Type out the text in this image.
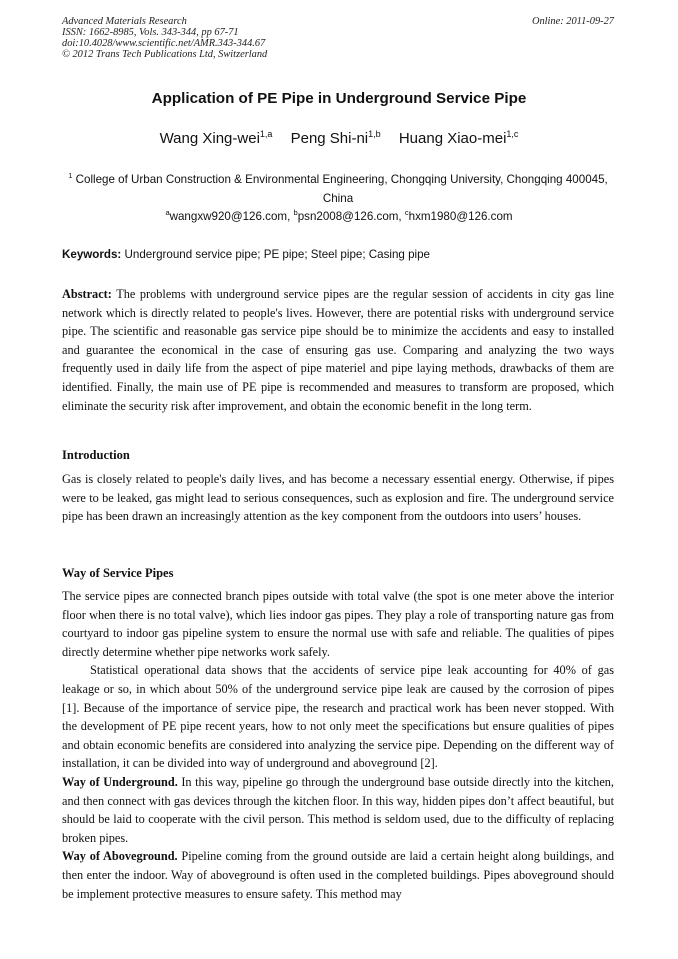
Advanced Materials Research
ISSN: 1662-8985, Vols. 343-344, pp 67-71
doi:10.4028/www.scientific.net/AMR.343-344.67
© 2012 Trans Tech Publications Ltd, Switzerland
Online: 2011-09-27
Application of PE Pipe in Underground Service Pipe
Wang Xing-wei$^{1,a}$ Peng Shi-ni$^{1,b}$ Huang Xiao-mei$^{1,c}$
$^1$ College of Urban Construction & Environmental Engineering, Chongqing University, Chongqing 400045, China
$^a$wangxw920@126.com, $^b$psn2008@126.com, $^c$hxm1980@126.com
Keywords: Underground service pipe; PE pipe; Steel pipe; Casing pipe

Abstract: The problems with underground service pipes are the regular session of accidents in city gas line network which is directly related to people's lives. However, there are potential risks with underground service pipe. The scientific and reasonable gas service pipe should be to minimize the accidents and easy to installed and guarantee the economical in the case of ensuring gas use. Comparing and analyzing the two ways frequently used in daily life from the aspect of pipe materiel and pipe laying methods, drawbacks of them are identified. Finally, the main use of PE pipe is recommended and measures to transform are proposed, which eliminate the security risk after improvement, and obtain the economic benefit in the long term.

Introduction

Gas is closely related to people's daily lives, and has become a necessary essential energy. Otherwise, if pipes were to be leaked, gas might lead to serious consequences, such as explosion and fire. The underground service pipe has been drawn an increasingly attention as the key component from the outdoors into users’ houses.

Way of Service Pipes

The service pipes are connected branch pipes outside with total valve (the spot is one meter above the interior floor when there is no total valve), which lies indoor gas pipes. They play a role of transporting nature gas from courtyard to indoor gas pipeline system to ensure the normal use with safe and reliable. The qualities of pipes directly determine whether pipe networks work safely.

Statistical operational data shows that the accidents of service pipe leak accounting for 40% of gas leakage or so, in which about 50% of the underground service pipe leak are caused by the corrosion of pipes [1]. Because of the importance of service pipe, the research and practical work has been never stopped. With the development of PE pipe recent years, how to not only meet the specifications but ensure qualities of pipes and obtain economic benefits are considered into analyzing the service pipe. Depending on the different way of installation, it can be divided into way of underground and aboveground [2].

Way of Underground. In this way, pipeline go through the underground base outside directly into the kitchen, and then connect with gas devices through the kitchen floor. In this way, hidden pipes don’t affect beautiful, but should be laid to cooperate with the civil person. This method is seldom used, due to the difficulty of replacing broken pipes.

Way of Aboveground. Pipeline coming from the ground outside are laid a certain height along buildings, and then enter the indoor. Way of aboveground is often used in the completed buildings. Pipes aboveground should be implement protective measures to ensure safety. This method may
